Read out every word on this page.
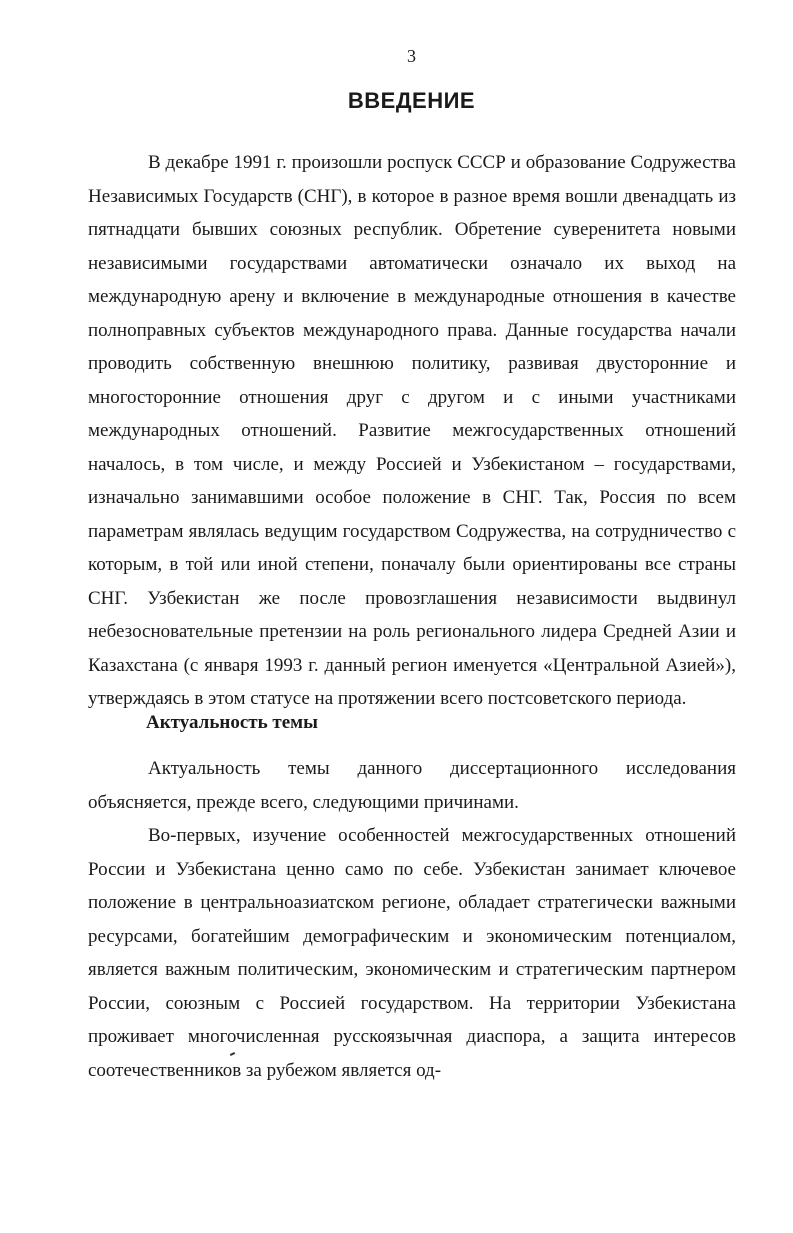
3
ВВЕДЕНИЕ

В декабре 1991 г. произошли роспуск СССР и образование Содружества Независимых Государств (СНГ), в которое в разное время вошли двенадцать из пятнадцати бывших союзных республик. Обретение суверенитета новыми независимыми государствами автоматически означало их выход на международную арену и включение в международные отношения в качестве полноправных субъектов международного права. Данные государства начали проводить собственную внешнюю политику, развивая двусторонние и многосторонние отношения друг с другом и с иными участниками международных отношений. Развитие межгосударственных отношений началось, в том числе, и между Россией и Узбекистаном – государствами, изначально занимавшими особое положение в СНГ. Так, Россия по всем параметрам являлась ведущим государством Содружества, на сотрудничество с которым, в той или иной степени, поначалу были ориентированы все страны СНГ. Узбекистан же после провозглашения независимости выдвинул небезосновательные претензии на роль регионального лидера Средней Азии и Казахстана (с января 1993 г. данный регион именуется «Центральной Азией»), утверждаясь в этом статусе на протяжении всего постсоветского периода.

Актуальность темы

Актуальность темы данного диссертационного исследования объясняется, прежде всего, следующими причинами.

Во-первых, изучение особенностей межгосударственных отношений России и Узбекистана ценно само по себе. Узбекистан занимает ключевое положение в центральноазиатском регионе, обладает стратегически важными ресурсами, богатейшим демографическим и экономическим потенциалом, является важным политическим, экономическим и стратегическим партнером России, союзным с Россией государством. На территории Узбекистана проживает многочисленная русскоязычная диаспора, а защита интересов соотечественников за рубежом является од-
